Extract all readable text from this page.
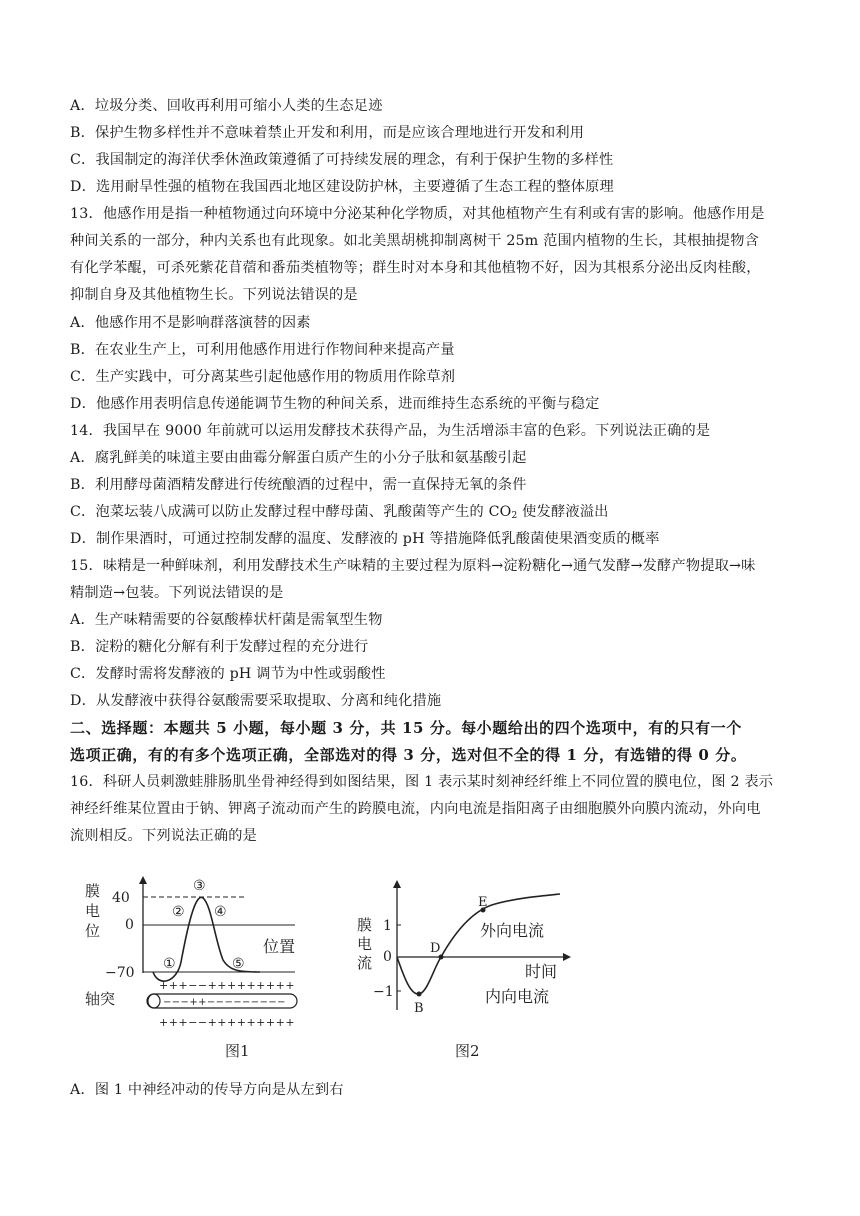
A．垃圾分类、回收再利用可缩小人类的生态足迹
B．保护生物多样性并不意味着禁止开发和利用，而是应该合理地进行开发和利用
C．我国制定的海洋伏季休渔政策遵循了可持续发展的理念，有利于保护生物的多样性
D．选用耐旱性强的植物在我国西北地区建设防护林，主要遵循了生态工程的整体原理
13．他感作用是指一种植物通过向环境中分泌某种化学物质，对其他植物产生有利或有害的影响。他感作用是
种间关系的一部分，种内关系也有此现象。如北美黑胡桃抑制离树干 25m 范围内植物的生长，其根抽提物含
有化学苯醌，可杀死紫花苜蓿和番茄类植物等；群生时对本身和其他植物不好，因为其根系分泌出反肉桂酸，
抑制自身及其他植物生长。下列说法错误的是
A．他感作用不是影响群落演替的因素
B．在农业生产上，可利用他感作用进行作物间种来提高产量
C．生产实践中，可分离某些引起他感作用的物质用作除草剂
D．他感作用表明信息传递能调节生物的种间关系，进而维持生态系统的平衡与稳定
14．我国早在 9000 年前就可以运用发酵技术获得产品，为生活增添丰富的色彩。下列说法正确的是
A．腐乳鲜美的味道主要由曲霉分解蛋白质产生的小分子肽和氨基酸引起
B．利用酵母菌酒精发酵进行传统酿酒的过程中，需一直保持无氧的条件
C．泡菜坛装八成满可以防止发酵过程中酵母菌、乳酸菌等产生的 $CO_2$ 使发酵液溢出
D．制作果酒时，可通过控制发酵的温度、发酵液的 pH 等措施降低乳酸菌使果酒变质的概率
15．味精是一种鲜味剂，利用发酵技术生产味精的主要过程为原料→淀粉糖化→通气发酵→发酵产物提取→味
精制造→包装。下列说法错误的是
A．生产味精需要的谷氨酸棒状杆菌是需氧型生物
B．淀粉的糖化分解有利于发酵过程的充分进行
C．发酵时需将发酵液的 pH 调节为中性或弱酸性
D．从发酵液中获得谷氨酸需要采取提取、分离和纯化措施
二、选择题：本题共 5 小题，每小题 3 分，共 15 分。每小题给出的四个选项中，有的只有一个
选项正确，有的有多个选项正确，全部选对的得 3 分，选对但不全的得 1 分，有选错的得 0 分。
16．科研人员刺激蛙腓肠肌坐骨神经得到如图结果，图 1 表示某时刻神经纤维上不同位置的膜电位，图 2 表示
神经纤维某位置由于钠、钾离子流动而产生的跨膜电流，内向电流是指阳离子由细胞膜外向膜内流动，外向电
流则相反。下列说法正确的是
A．图 1 中神经冲动的传导方向是从左到右
膜
电
位
40
0
−70
位置
①
②
③
④
⑤
轴突
+++−−+++++++++
−−−++−−−−−−−−−
+++−−+++++++++
图1
膜
电
流
1
0
−1
B
D
E
外向电流
时间
内向电流
图2
